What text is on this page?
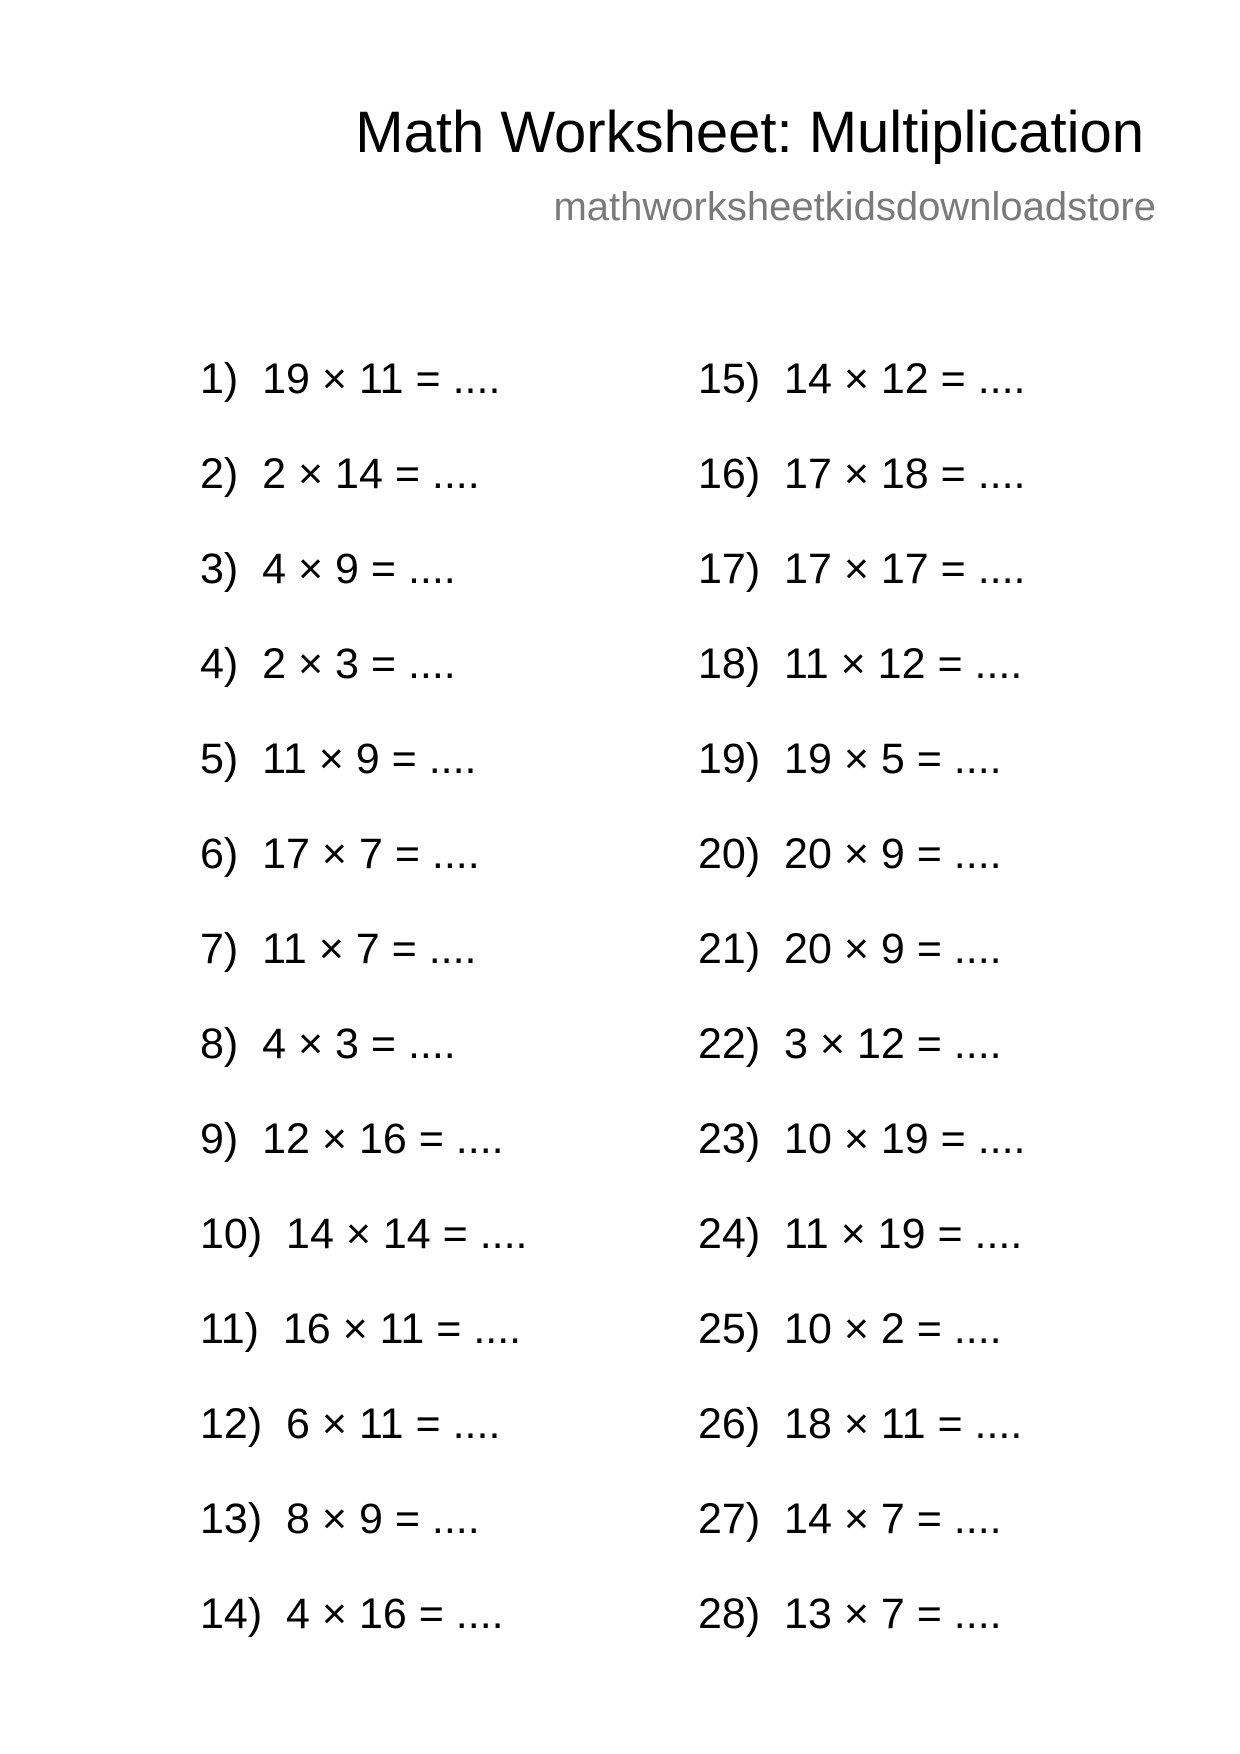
Math Worksheet: Multiplication
mathworksheetkidsdownloadstore
1)  19 × 11 = ....
2)  2 × 14 = ....
3)  4 × 9 = ....
4)  2 × 3 = ....
5)  11 × 9 = ....
6)  17 × 7 = ....
7)  11 × 7 = ....
8)  4 × 3 = ....
9)  12 × 16 = ....
10)  14 × 14 = ....
11)  16 × 11 = ....
12)  6 × 11 = ....
13)  8 × 9 = ....
14)  4 × 16 = ....
15)  14 × 12 = ....
16)  17 × 18 = ....
17)  17 × 17 = ....
18)  11 × 12 = ....
19)  19 × 5 = ....
20)  20 × 9 = ....
21)  20 × 9 = ....
22)  3 × 12 = ....
23)  10 × 19 = ....
24)  11 × 19 = ....
25)  10 × 2 = ....
26)  18 × 11 = ....
27)  14 × 7 = ....
28)  13 × 7 = ....
